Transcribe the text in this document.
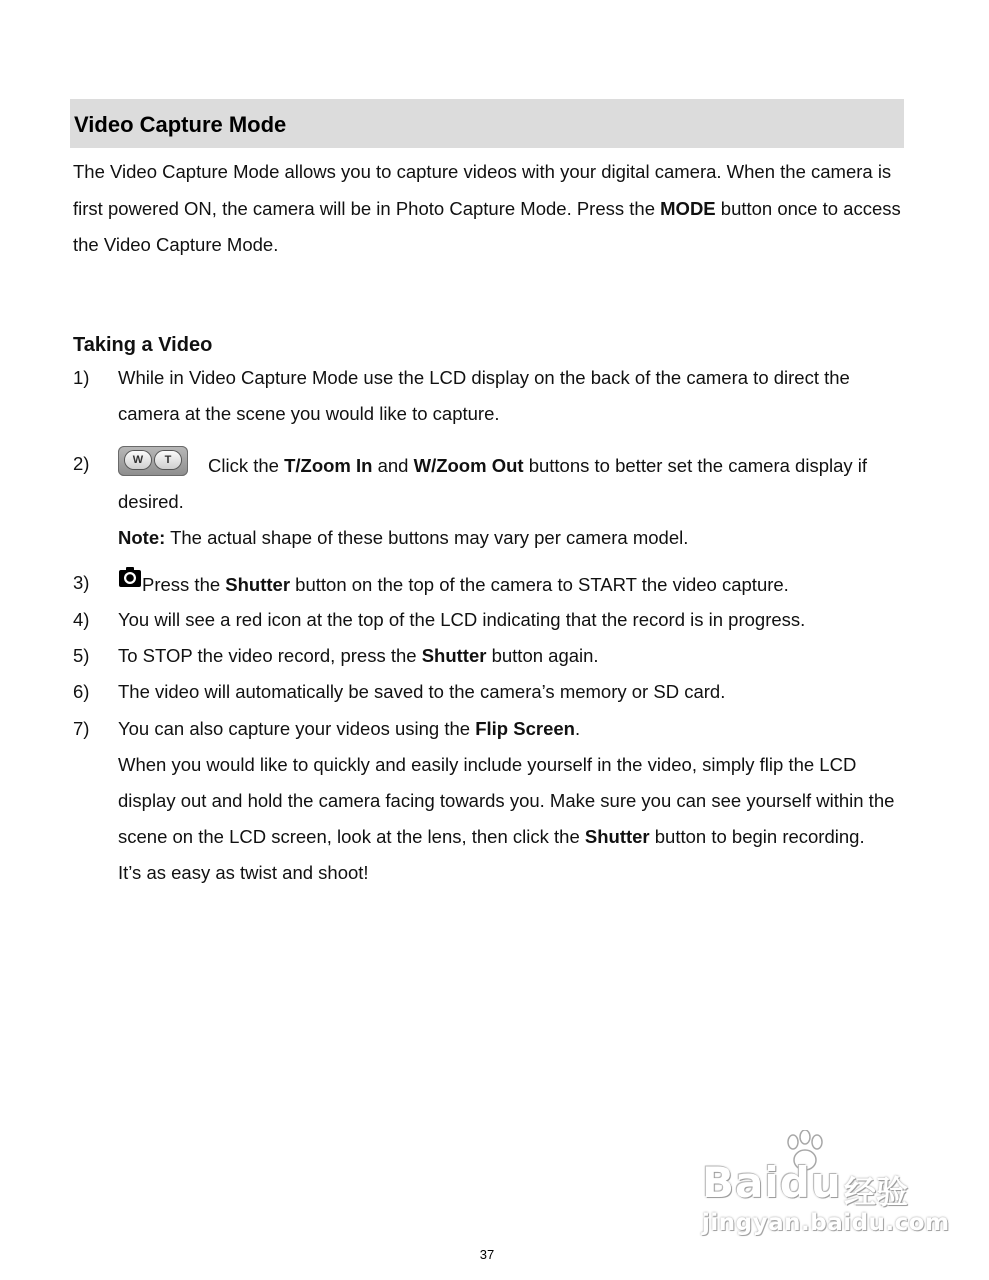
Video Capture Mode

The Video Capture Mode allows you to capture videos with your digital camera. When the camera is first powered ON, the camera will be in Photo Capture Mode. Press the MODE button once to access the Video Capture Mode.

Taking a Video
1) While in Video Capture Mode use the LCD display on the back of the camera to direct the camera at the scene you would like to capture.
2)	W	T	Click the T/Zoom In and W/Zoom Out buttons to better set the camera display if desired.
Note: The actual shape of these buttons may vary per camera model.
3)	Press the Shutter button on the top of the camera to START the video capture.
4) You will see a red icon at the top of the LCD indicating that the record is in progress.
5) To STOP the video record, press the Shutter button again.
6) The video will automatically be saved to the camera’s memory or SD card.
7) You can also capture your videos using the Flip Screen.
When you would like to quickly and easily include yourself in the video, simply flip the LCD display out and hold the camera facing towards you. Make sure you can see yourself within the scene on the LCD screen, look at the lens, then click the Shutter button to begin recording.
It’s as easy as twist and shoot!
Baidu 经验
jingyan.baidu.com
37
